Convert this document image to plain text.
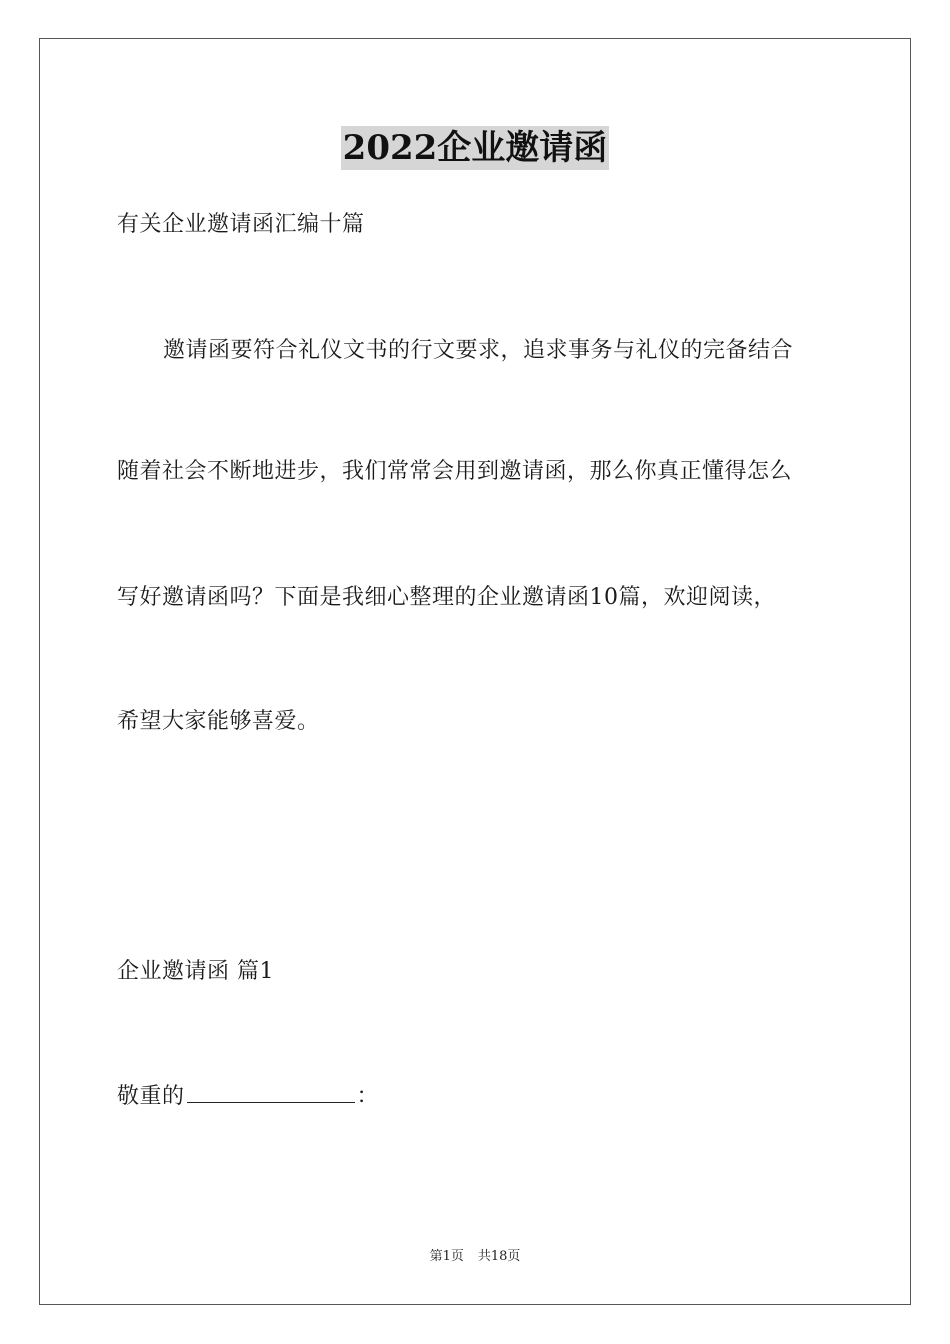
2022企业邀请函
有关企业邀请函汇编十篇
邀请函要符合礼仪文书的行文要求，追求事务与礼仪的完备结合
随着社会不断地进步，我们常常会用到邀请函，那么你真正懂得怎么
写好邀请函吗？下面是我细心整理的企业邀请函10篇，欢迎阅读，
希望大家能够喜爱。
企业邀请函 篇1
敬重的	：
第1页 共18页
